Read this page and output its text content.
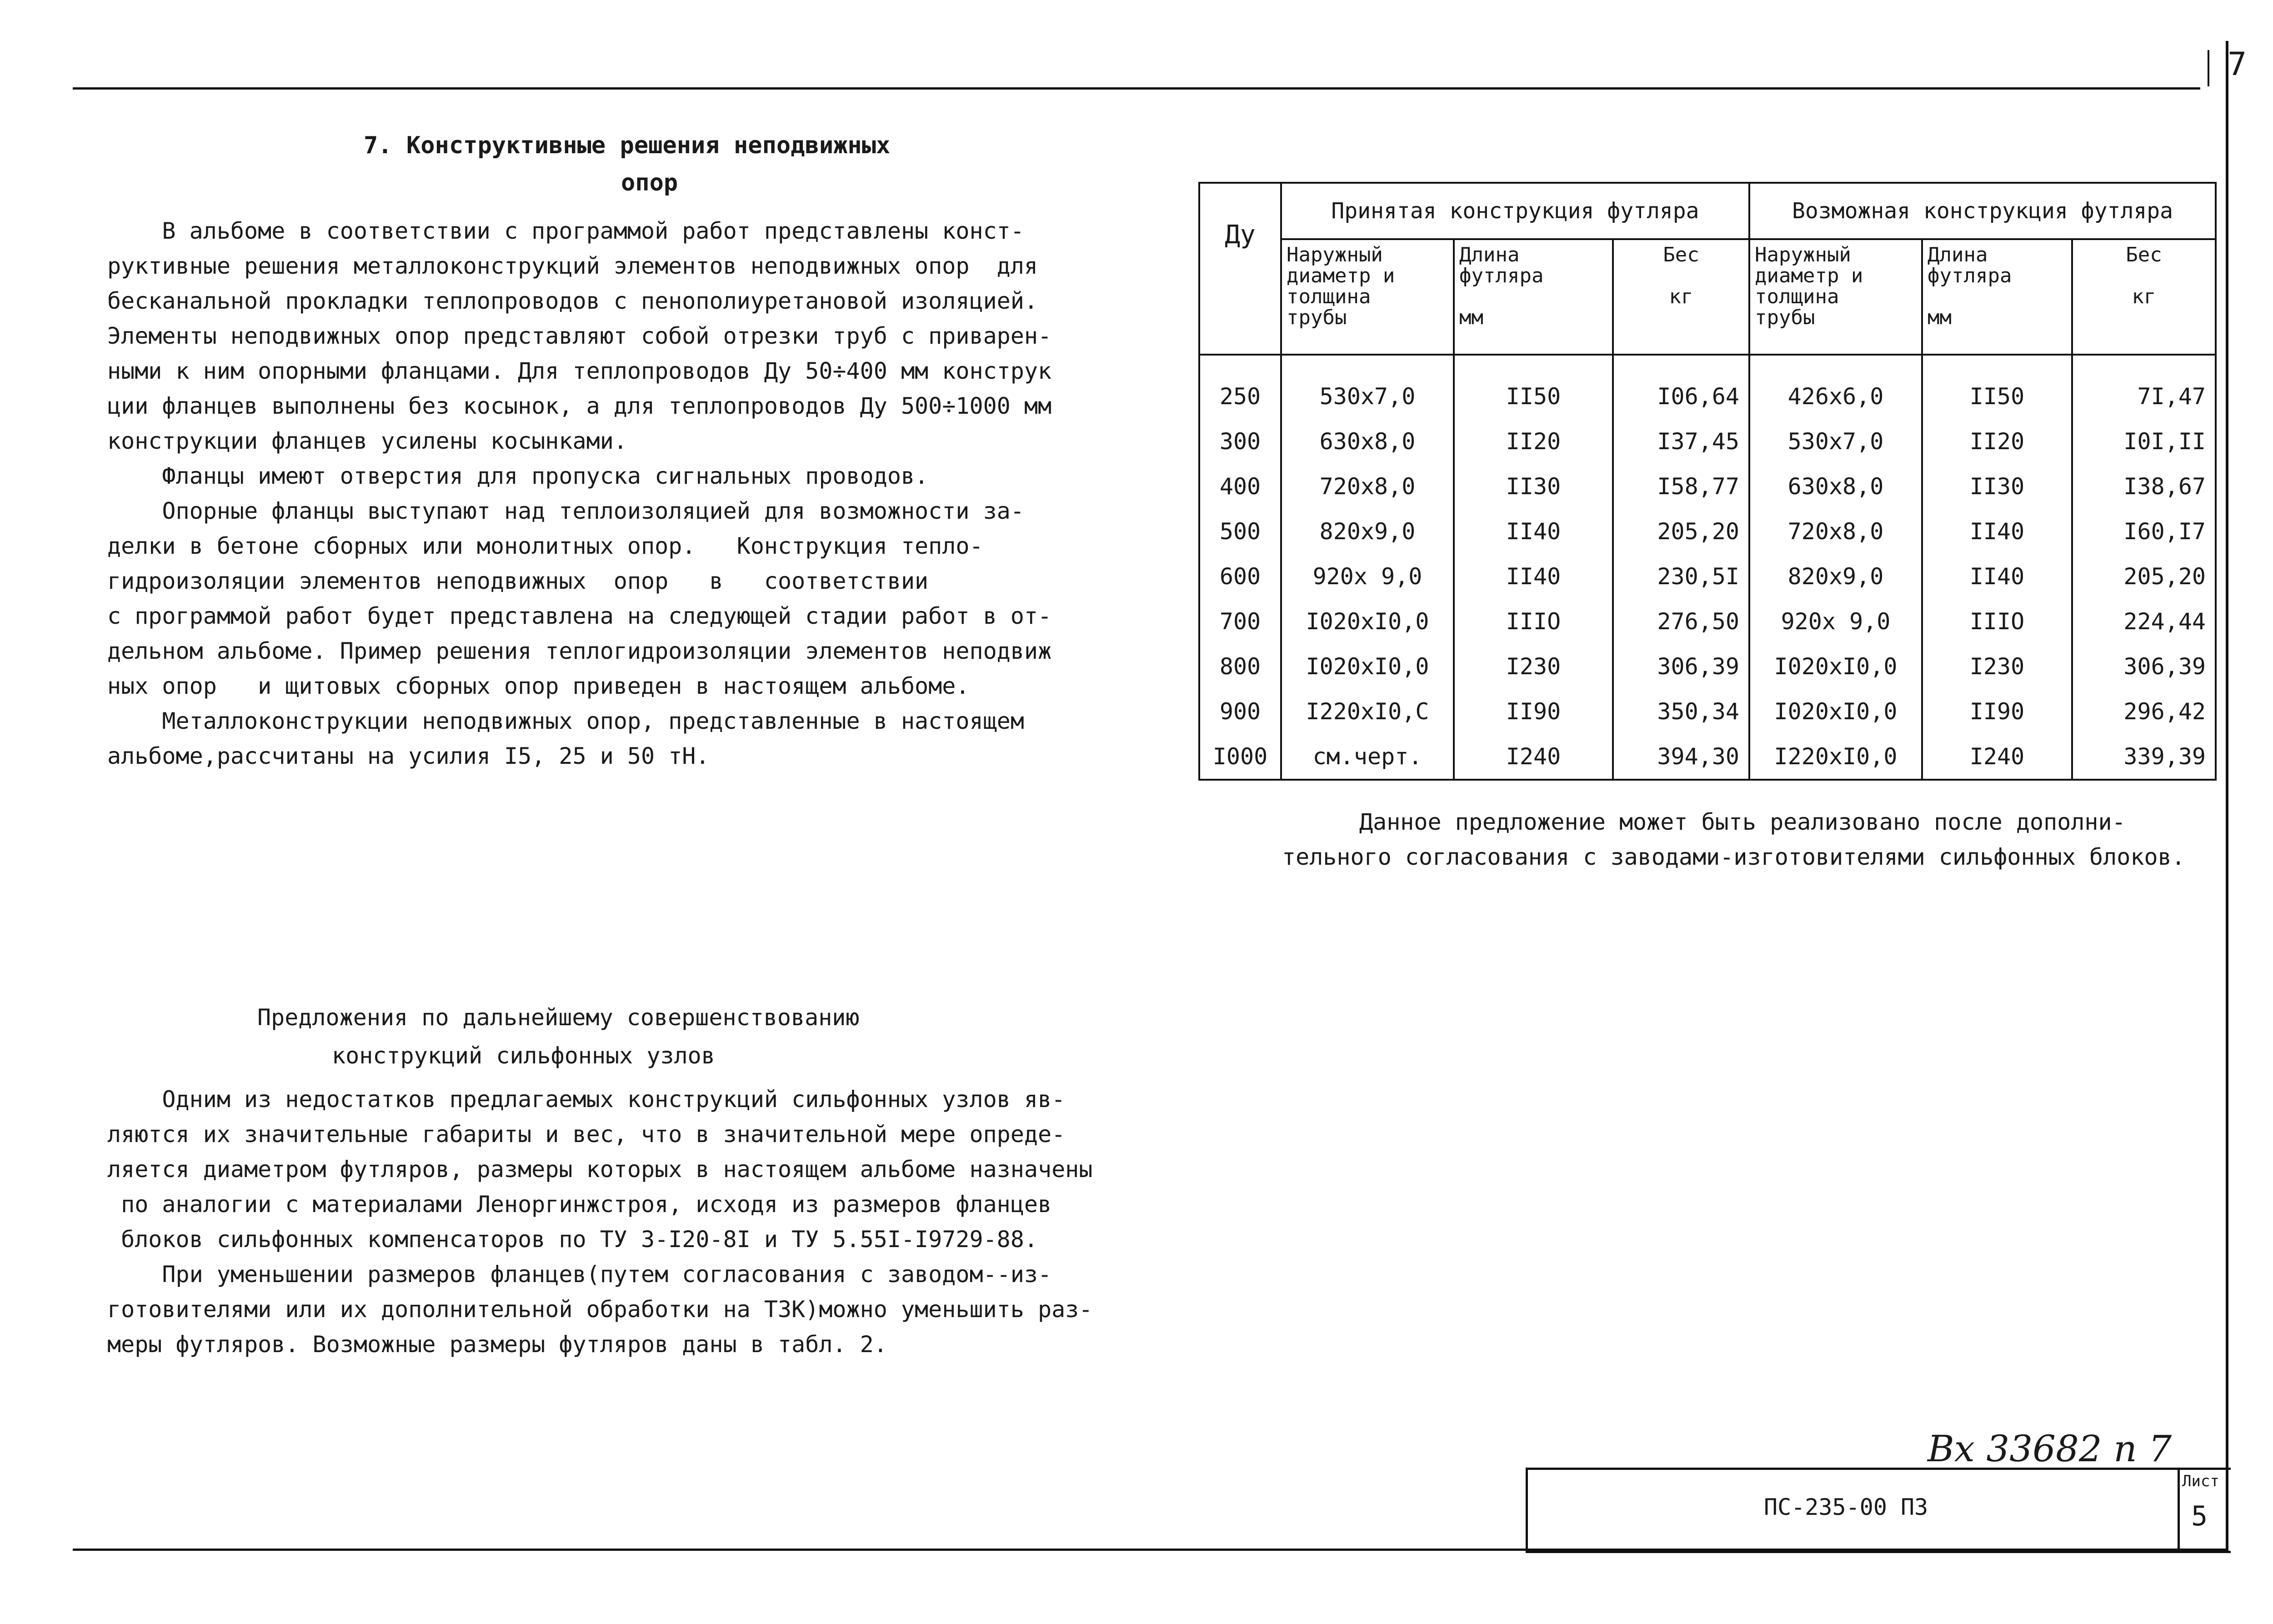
7
7. Конструктивные решения неподвижных
опор
В альбоме в соответствии с программой работ представлены конст-
руктивные решения металлоконструкций элементов неподвижных опор  для
бесканальной прокладки теплопроводов с пенополиуретановой изоляцией.
Элементы неподвижных опор представляют собой отрезки труб с приварен-
ными к ним опорными фланцами. Для теплопроводов Ду 50÷400 мм конструк
ции фланцев выполнены без косынок, а для теплопроводов Ду 500÷1000 мм
конструкции фланцев усилены косынками.
Фланцы имеют отверстия для пропуска сигнальных проводов.
Опорные фланцы выступают над теплоизоляцией для возможности за-
делки в бетоне сборных или монолитных опор.   Конструкция тепло-
гидроизоляции элементов неподвижных  опор   в   соответствии
с программой работ будет представлена на следующей стадии работ в от-
дельном альбоме. Пример решения теплогидроизоляции элементов неподвиж
ных опор   и щитовых сборных опор приведен в настоящем альбоме.
Металлоконструкции неподвижных опор, представленные в настоящем
альбоме,рассчитаны на усилия I5, 25 и 50 тН.
Ду	Принятая конструкция футляра			Возможная конструкция футляра		
	Наружный
диаметр и
толщина
трубы	Длина
футляра

мм	Бес

кг	Наружный
диаметр и
толщина
трубы	Длина
футляра

мм	Бес

кг
250	530x7,0	II50	I06,64	426x6,0	II50	7I,47
300	630x8,0	II20	I37,45	530x7,0	II20	I0I,II
400	720x8,0	II30	I58,77	630x8,0	II30	I38,67
500	820x9,0	II40	205,20	720x8,0	II40	I60,I7
600	920x 9,0	II40	230,5I	820x9,0	II40	205,20
700	I020xI0,0	IIIO	276,50	920x 9,0	IIIO	224,44
800	I020xI0,0	I230	306,39	I020xI0,0	I230	306,39
900	I220xI0,C	II90	350,34	I020xI0,0	II90	296,42
I000	см.черт.	I240	394,30	I220xI0,0	I240	339,39
Данное предложение может быть реализовано после дополни-
тельного согласования с заводами-изготовителями сильфонных блоков.
Предложения по дальнейшему совершенствованию
конструкций сильфонных узлов
Одним из недостатков предлагаемых конструкций сильфонных узлов яв-
ляются их значительные габариты и вес, что в значительной мере опреде-
ляется диаметром футляров, размеры которых в настоящем альбоме назначены
по аналогии с материалами Леноргинжстроя, исходя из размеров фланцев
блоков сильфонных компенсаторов по ТУ 3-I20-8I и ТУ 5.55I-I9729-88.
При уменьшении размеров фланцев(путем согласования с заводом--из-
готовителями или их дополнительной обработки на ТЗК)можно уменьшить раз-
меры футляров. Возможные размеры футляров даны в табл. 2.
Вх 33682 п 7
ПС-235-00 ПЗ
Лист
5
